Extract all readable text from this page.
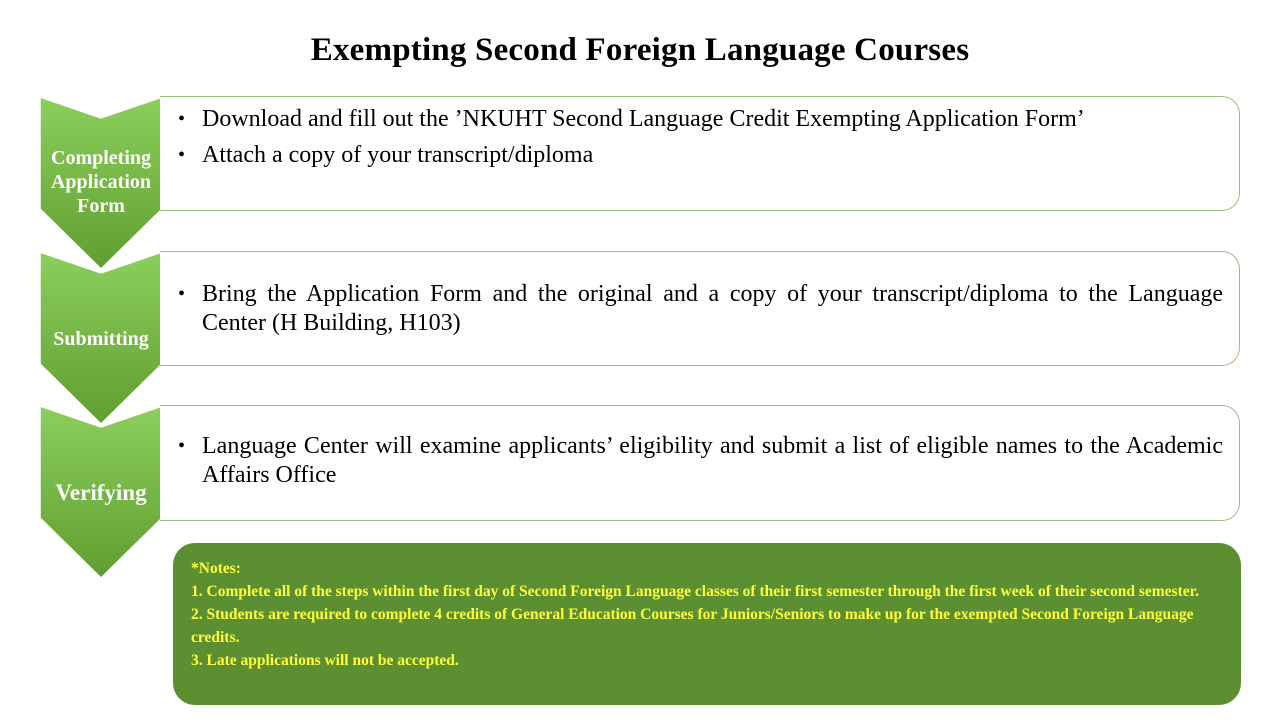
Exempting Second Foreign Language Courses
Completing Application Form
• Download and fill out the ’NKUHT Second Language Credit Exempting Application Form’
• Attach a copy of your transcript/diploma
Submitting
• Bring the Application Form and the original and a copy of your transcript/diploma to the Language Center (H Building, H103)
Verifying
• Language Center will examine applicants’ eligibility and submit a list of eligible names to the Academic Affairs Office
*Notes:
1. Complete all of the steps within the first day of Second Foreign Language classes of their first semester through the first week of their second semester.
2. Students are required to complete 4 credits of General Education Courses for Juniors/Seniors to make up for the exempted Second Foreign Language credits.
3. Late applications will not be accepted.
